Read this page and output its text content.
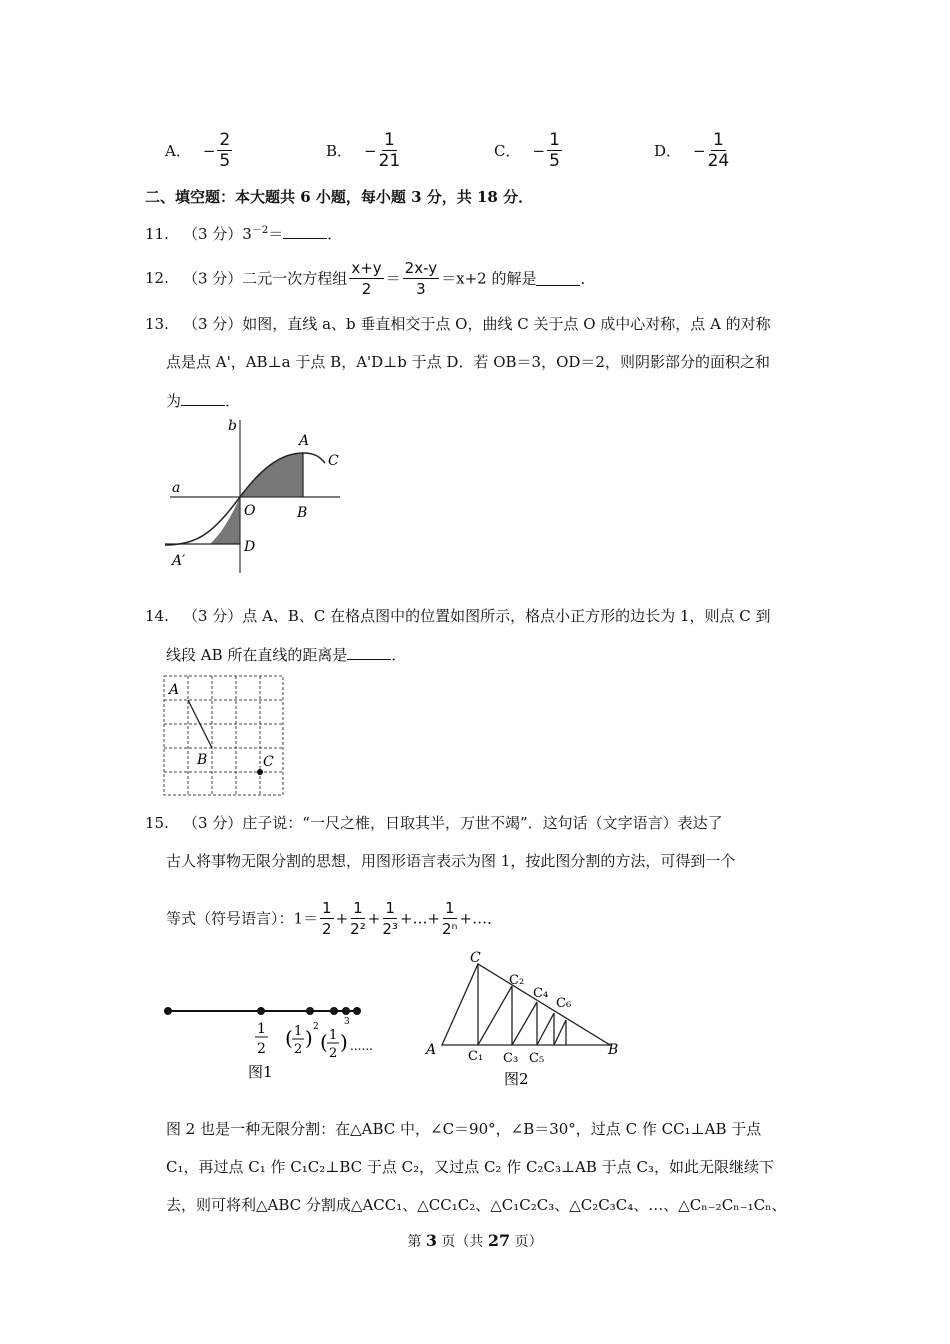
A． − $\frac{2}{5}$	B． − $\frac{1}{21}$	C． − $\frac{1}{5}$	D． − $\frac{1}{24}$
二、填空题：本大题共 6 小题，每小题 3 分，共 18 分．
11. （3 分）$3^{-2}=$	．
12. （3 分）二元一次方程组 $\frac{x+y}{2} = \frac{2x-y}{3} =x+2$ 的解是	．
13. （3 分）如图，直线 a、b 垂直相交于点 O，曲线 C 关于点 O 成中心对称，点 A 的对称
点是点 A'，AB⊥a 于点 B，A'D⊥b 于点 D．若 OB＝3，OD＝2，则阴影部分的面积之和
为	．
b
a
A
C
O	B
D
A′
14. （3 分）点 A、B、C 在格点图中的位置如图所示，格点小正方形的边长为 1，则点 C 到
线段 AB 所在直线的距离是	．
A
B	C
15. （3 分）庄子说：“一尺之椎，日取其半，万世不竭”．这句话（文字语言）表达了
古人将事物无限分割的思想，用图形语言表示为图 1，按此图分割的方法，可得到一个
等式（符号语言）：$1= \frac{1}{2} + \frac{1}{\text{2²}} + \frac{1}{\text{2³}}$ +…+ $\frac{1}{\text{2ⁿ}}$ +…．
1
2 ( 1
2 ) 2
( 1
2 )
3
......
图1
C
A	B
C₁
C₂
C₃
C₄
C₅
C₆
图2
图 2 也是一种无限分割：在△ABC 中，∠C＝90°，∠B＝30°，过点 C 作 CC₁⊥AB 于点
C₁，再过点 C₁ 作 C₁C₂⊥BC 于点 C₂，又过点 C₂ 作 C₂C₃⊥AB 于点 C₃，如此无限继续下
去，则可将利△ABC 分割成△ACC₁、△CC₁C₂、△C₁C₂C₃、△C₂C₃C₄、…、△Cₙ₋₂Cₙ₋₁Cₙ、
第 3 页（共 27 页）
